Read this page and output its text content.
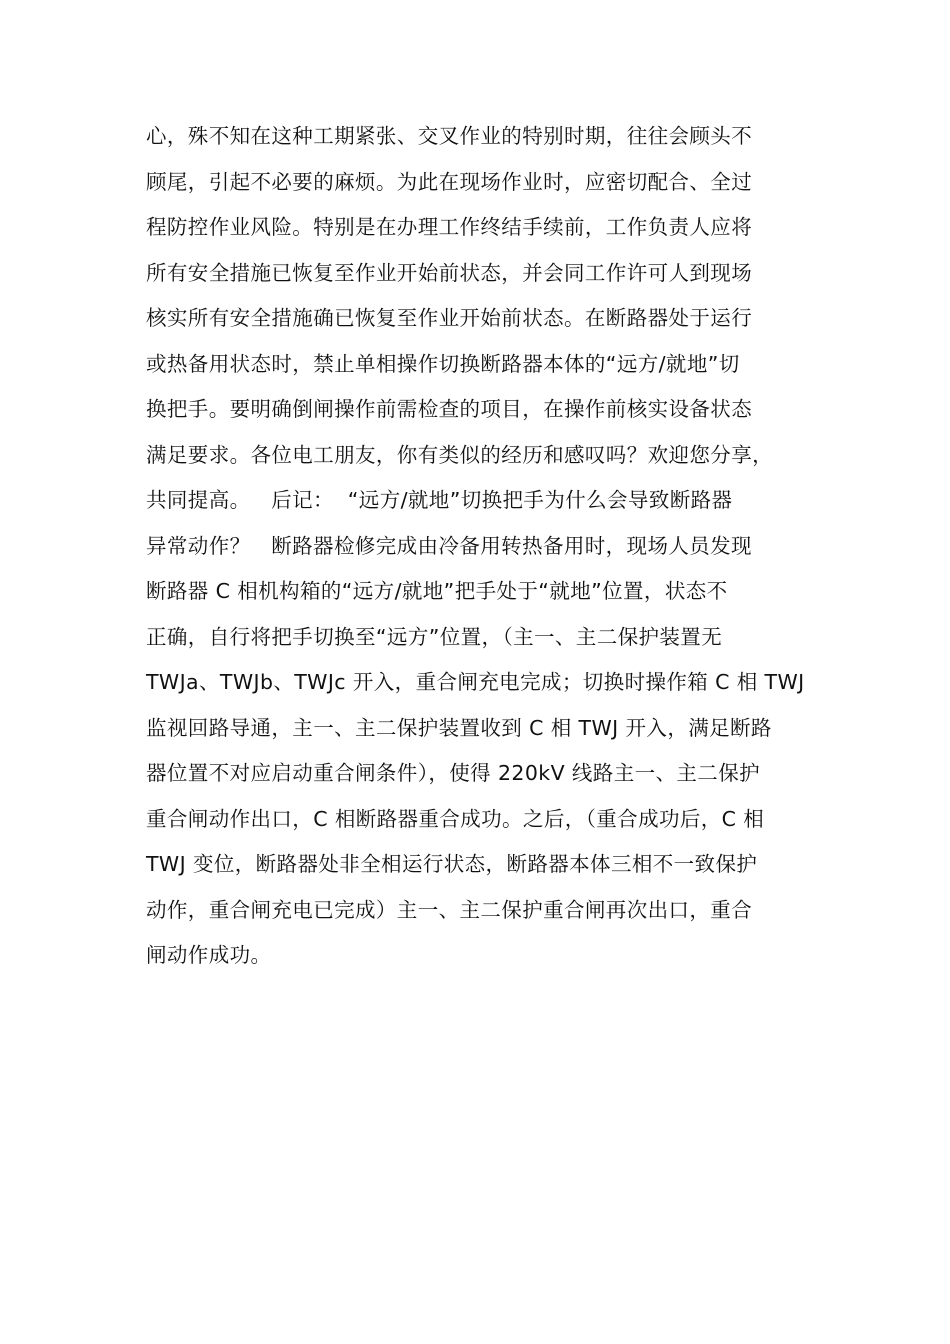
心，殊不知在这种工期紧张、交叉作业的特别时期，往往会顾头不
顾尾，引起不必要的麻烦。为此在现场作业时，应密切配合、全过
程防控作业风险。特别是在办理工作终结手续前，工作负责人应将
所有安全措施已恢复至作业开始前状态，并会同工作许可人到现场
核实所有安全措施确已恢复至作业开始前状态。在断路器处于运行
或热备用状态时，禁止单相操作切换断路器本体的“远方/就地”切
换把手。要明确倒闸操作前需检查的项目，在操作前核实设备状态
满足要求。各位电工朋友，你有类似的经历和感叹吗？欢迎您分享，
共同提高。   后记：  “远方/就地”切换把手为什么会导致断路器
异常动作？   断路器检修完成由冷备用转热备用时，现场人员发现
断路器 C 相机构箱的“远方/就地”把手处于“就地”位置，状态不
正确，自行将把手切换至“远方”位置，（主一、主二保护装置无
TWJa、TWJb、TWJc 开入，重合闸充电完成；切换时操作箱 C 相 TWJ
监视回路导通，主一、主二保护装置收到 C 相 TWJ 开入，满足断路
器位置不对应启动重合闸条件），使得 220kV 线路主一、主二保护
重合闸动作出口，C 相断路器重合成功。之后，（重合成功后，C 相
TWJ 变位，断路器处非全相运行状态，断路器本体三相不一致保护
动作，重合闸充电已完成）主一、主二保护重合闸再次出口，重合
闸动作成功。
